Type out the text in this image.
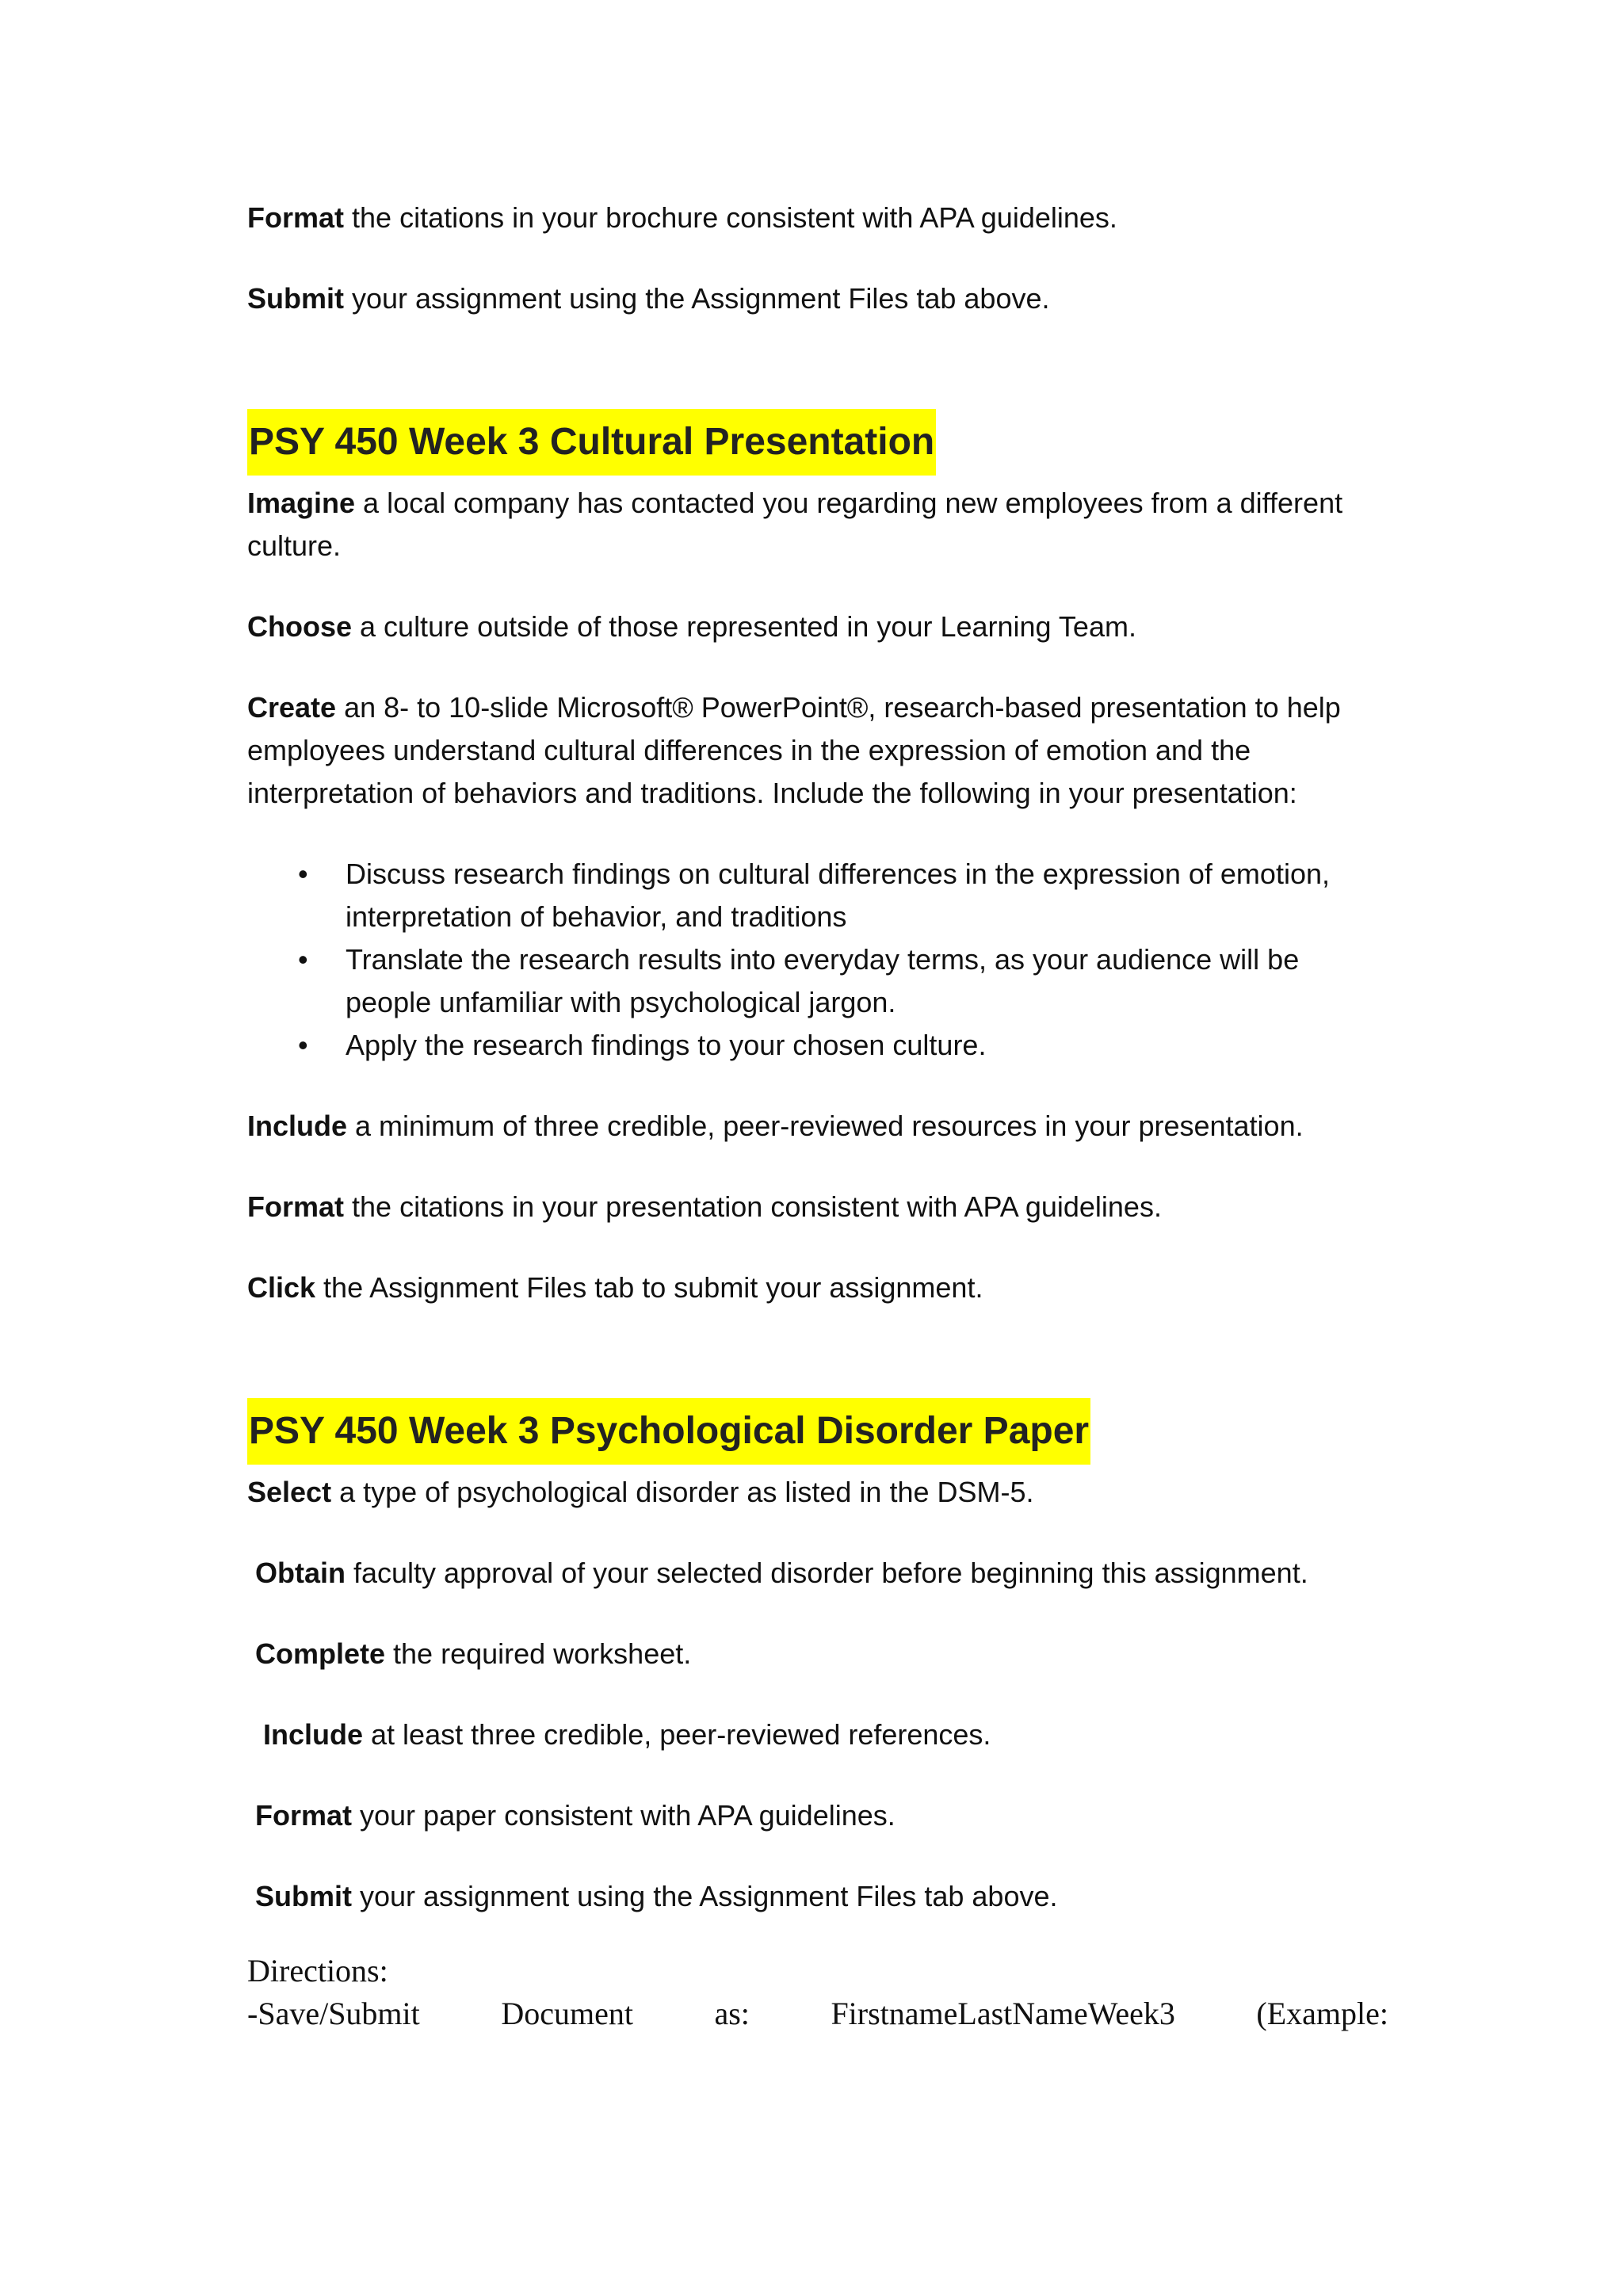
Format the citations in your brochure consistent with APA guidelines.

Submit your assignment using the Assignment Files tab above.

PSY 450 Week 3 Cultural Presentation

Imagine a local company has contacted you regarding new employees from a different culture.

Choose a culture outside of those represented in your Learning Team.

Create an 8- to 10-slide Microsoft® PowerPoint®, research-based presentation to help employees understand cultural differences in the expression of emotion and the interpretation of behaviors and traditions. Include the following in your presentation:

• Discuss research findings on cultural differences in the expression of emotion, interpretation of behavior, and traditions
• Translate the research results into everyday terms, as your audience will be people unfamiliar with psychological jargon.
• Apply the research findings to your chosen culture.

Include a minimum of three credible, peer-reviewed resources in your presentation.

Format the citations in your presentation consistent with APA guidelines.

Click the Assignment Files tab to submit your assignment.

PSY 450 Week 3 Psychological Disorder Paper

Select a type of psychological disorder as listed in the DSM-5.

Obtain faculty approval of your selected disorder before beginning this assignment.

Complete the required worksheet.

Include at least three credible, peer-reviewed references.

Format your paper consistent with APA guidelines.

Submit your assignment using the Assignment Files tab above.

Directions:
-Save/Submit	Document	as:	FirstnameLastNameWeek3	(Example:
